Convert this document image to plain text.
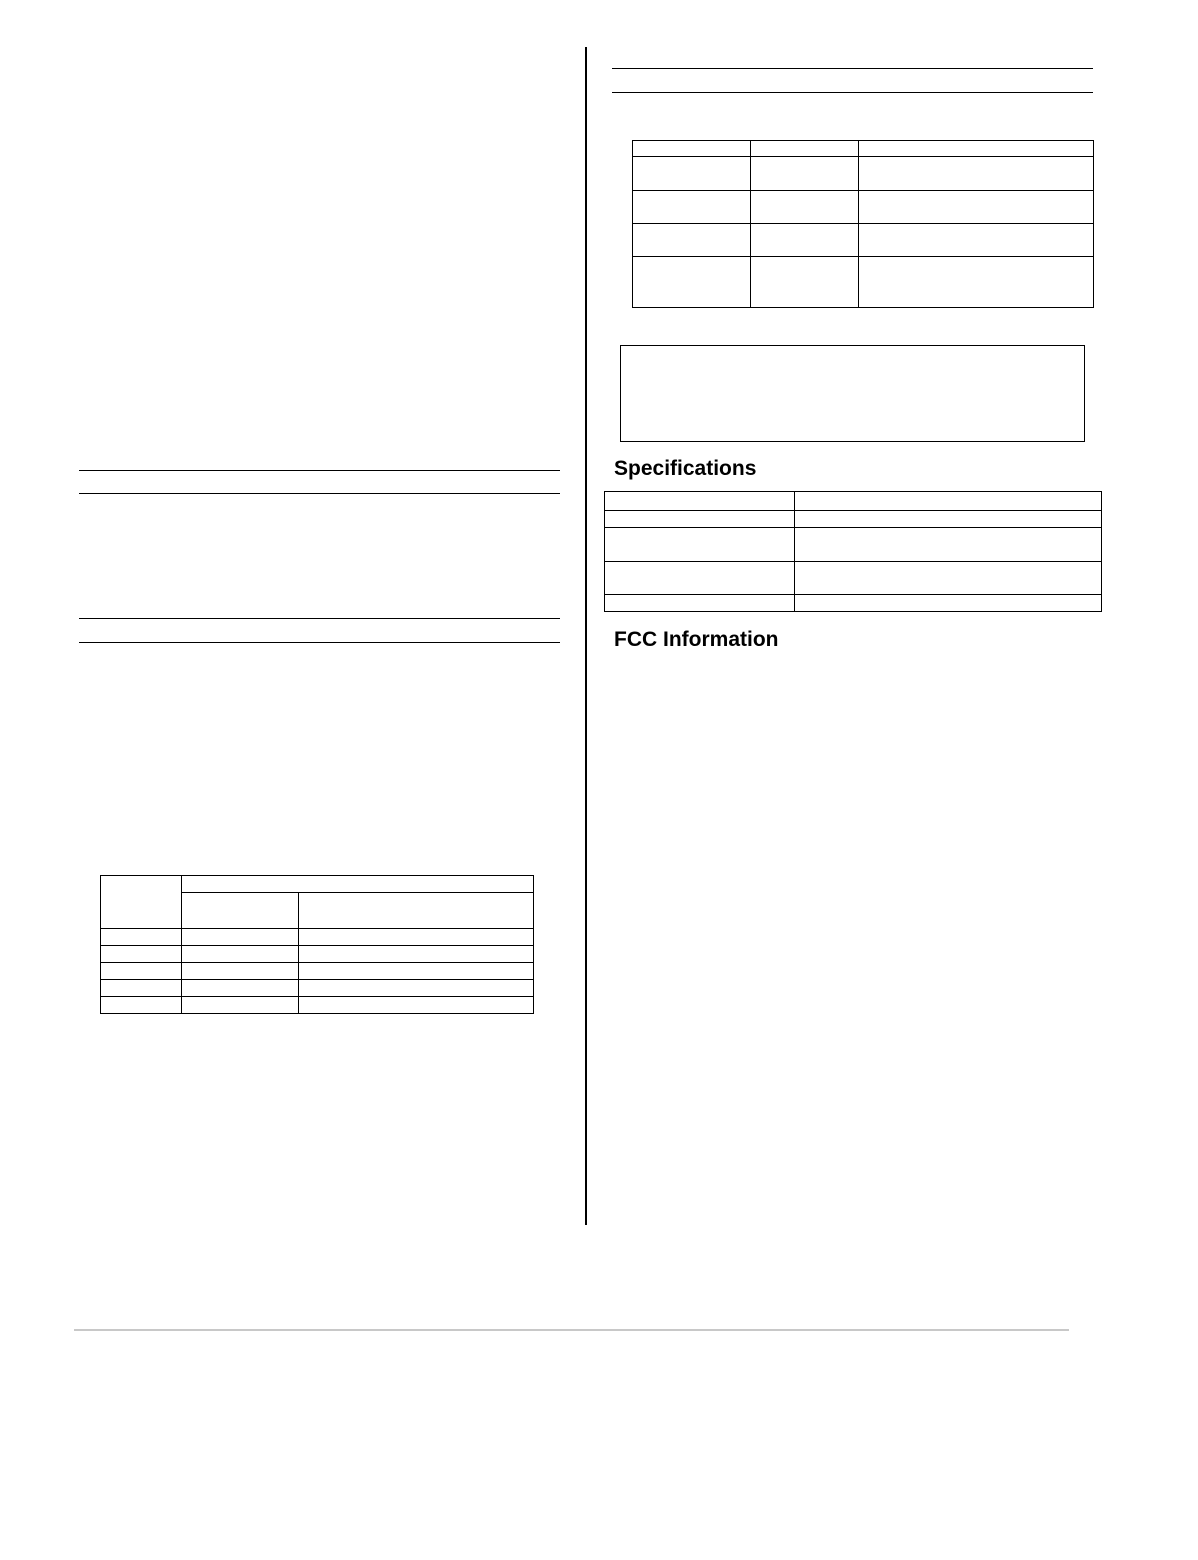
Specifications

FCC Information
